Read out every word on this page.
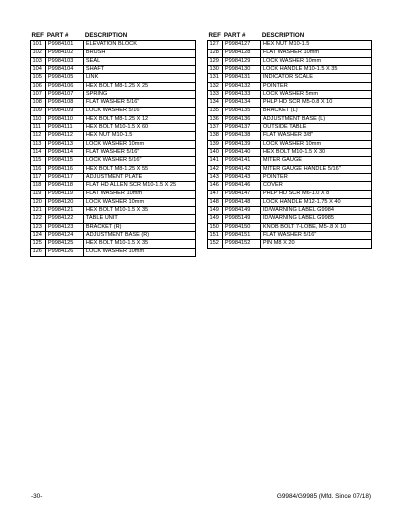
REF	PART #	DESCRIPTION
101	P9984101	ELEVATION BLOCK
102	P9984102	BRUSH
103	P9984103	SEAL
104	P9984104	SHAFT
105	P9984105	LINK
106	P9984106	HEX BOLT M8-1.25 X 25
107	P9984107	SPRING
108	P9984108	FLAT WASHER 5/16"
109	P9984109	LOCK WASHER 5/16"
110	P9984110	HEX BOLT M8-1.25 X 12
111	P9984111	HEX BOLT M10-1.5 X 60
112	P9984112	HEX NUT M10-1.5
113	P9984113	LOCK WASHER 10mm
114	P9984114	FLAT WASHER 5/16"
115	P9984115	LOCK WASHER 5/16"
116	P9984116	HEX BOLT M8-1.25 X 55
117	P9984117	ADJUSTMENT PLATE
118	P9984118	FLAT HD ALLEN SCR M10-1.5 X 25
119	P9984119	FLAT WASHER 10mm
120	P9984120	LOCK WASHER 10mm
121	P9984121	HEX BOLT M10-1.5 X 35
122	P9984122	TABLE UNIT
123	P9984123	BRACKET (R)
124	P9984124	ADJUSTMENT BASE (R)
125	P9984125	HEX BOLT M10-1.5 X 35
126	P9984126	LOCK WASHER 10mm
REF	PART #	DESCRIPTION
127	P9984127	HEX NUT M10-1.5
128	P9984128	FLAT WASHER 10mm
129	P9984129	LOCK WASHER 10mm
130	P9984130	LOCK HANDLE M10-1.5 X 35
131	P9984131	INDICATOR SCALE
132	P9984132	POINTER
133	P9984133	LOCK WASHER 5mm
134	P9984134	PHLP HD SCR M5-0.8 X 10
135	P9984135	BRACKET (L)
136	P9984136	ADJUSTMENT BASE (L)
137	P9984137	OUTSIDE TABLE
138	P9984138	FLAT WASHER 3/8"
139	P9984139	LOCK WASHER 10mm
140	P9984140	HEX BOLT M10-1.5 X 30
141	P9984141	MITER GAUGE
142	P9984142	MITER GAUGE HANDLE 5/16"
143	P9984143	POINTER
146	P9984146	COVER
147	P9984147	PHLP HD SCR M6-1.0 X 8
148	P9984148	LOCK HANDLE M12-1.75 X 40
149	P9984149	ID/WARNING LABEL G9984
149	P9985149	ID/WARNING LABEL G9985
150	P9984150	KNOB BOLT 7-LOBE, M5-.8 X 10
151	P9984151	FLAT WASHER 5/16"
152	P9984152	PIN M8 X 20
-30-	G9984/G9985 (Mfd. Since 07/18)
